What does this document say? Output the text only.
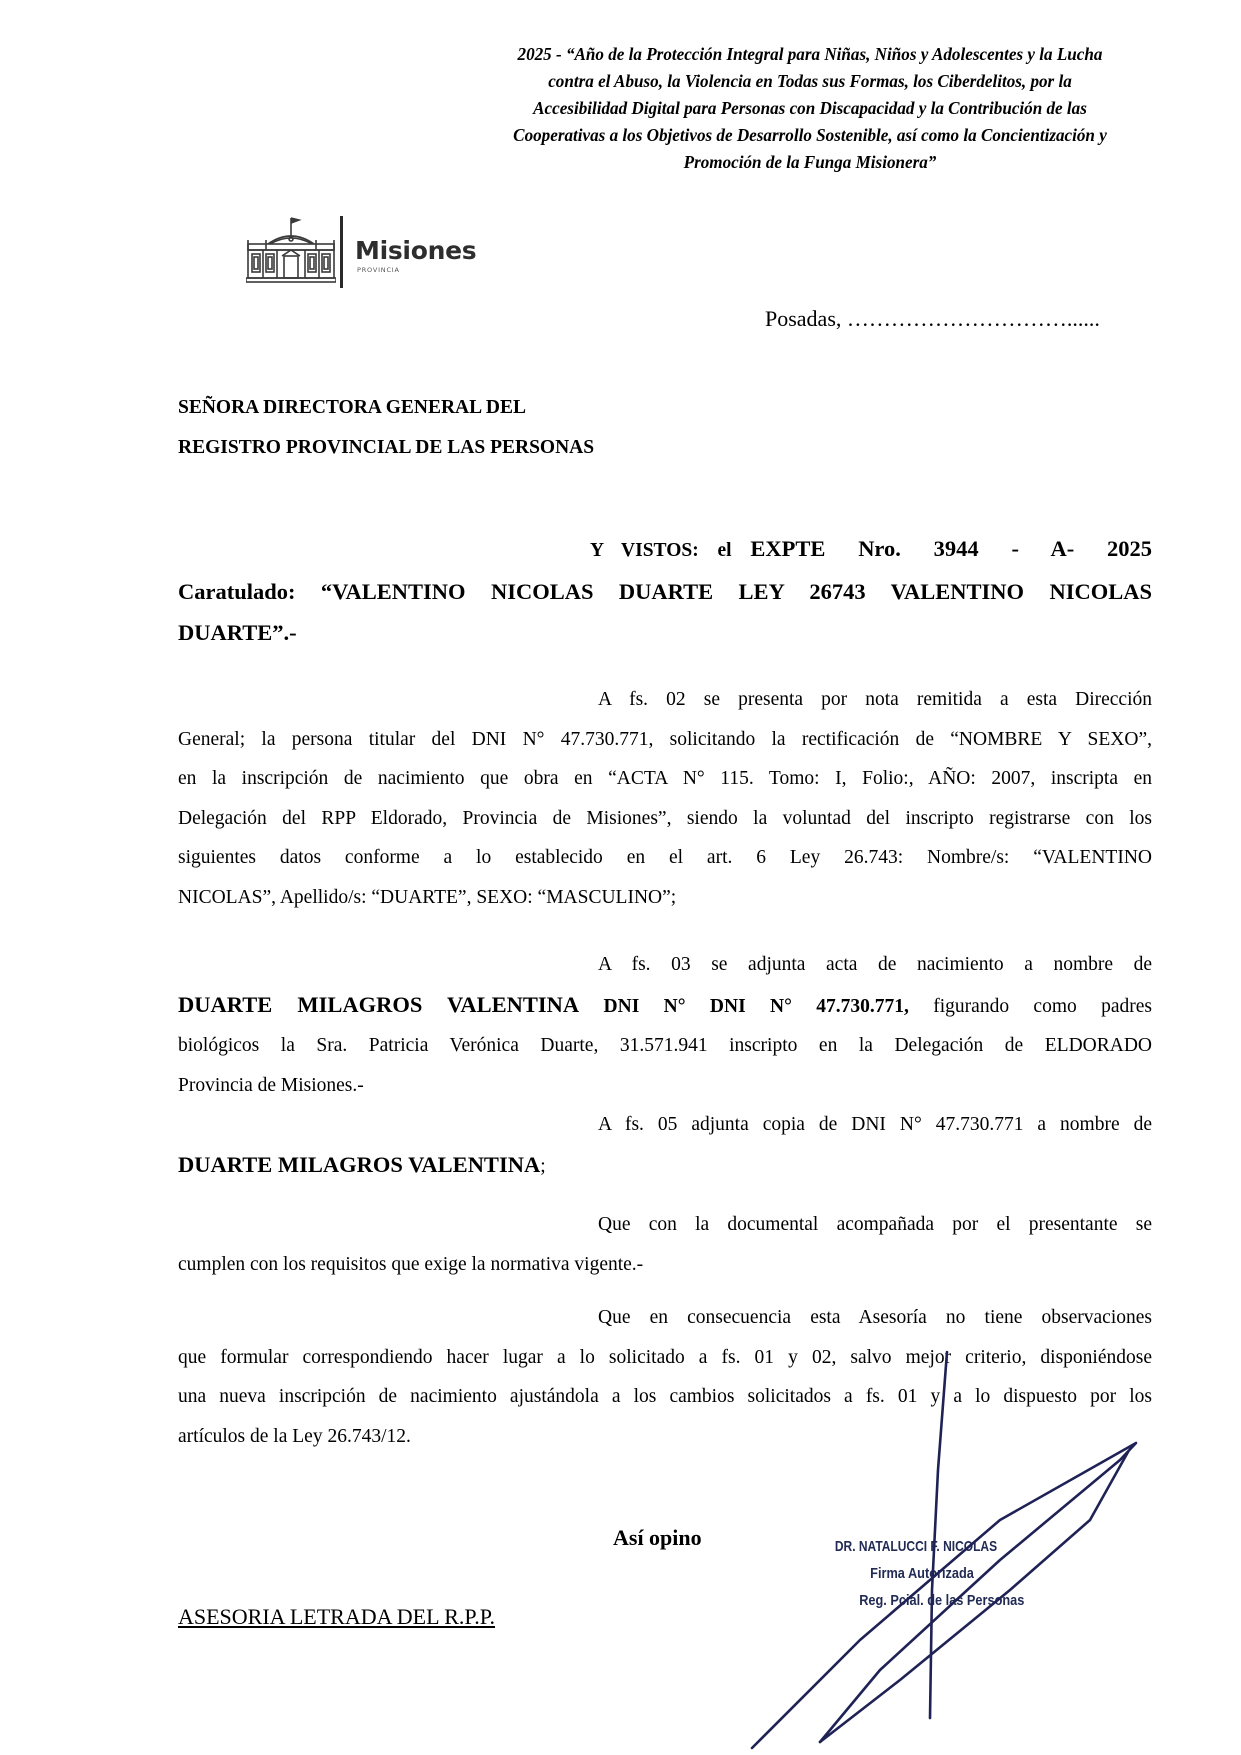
2025 - “Año de la Protección Integral para Niñas, Niños y Adolescentes y la Lucha
contra el Abuso, la Violencia en Todas sus Formas, los Ciberdelitos, por la
Accesibilidad Digital para Personas con Discapacidad y la Contribución de las
Cooperativas a los Objetivos de Desarrollo Sostenible, así como la Concientización y
Promoción de la Funga Misionera”
Misiones
PROVINCIA
Posadas, …………………………......
SEÑORA DIRECTORA GENERAL DEL
REGISTRO PROVINCIAL DE LAS PERSONAS
Y VISTOS: el EXPTE Nro. 3944 - A- 2025
Caratulado: “VALENTINO NICOLAS DUARTE LEY 26743 VALENTINO NICOLAS
DUARTE”.-
A fs. 02 se presenta por nota remitida a esta Dirección
General; la persona titular del DNI N° 47.730.771, solicitando la rectificación de “NOMBRE Y SEXO”,
en la inscripción de nacimiento que obra en “ACTA N° 115. Tomo: I, Folio:, AÑO: 2007, inscripta en
Delegación del RPP Eldorado, Provincia de Misiones”, siendo la voluntad del inscripto registrarse con los
siguientes datos conforme a lo establecido en el art. 6 Ley 26.743: Nombre/s: “VALENTINO
NICOLAS”, Apellido/s: “DUARTE”, SEXO: “MASCULINO”;
A fs. 03 se adjunta acta de nacimiento a nombre de
DUARTE MILAGROS VALENTINA DNI N° DNI N° 47.730.771, figurando como padres
biológicos la Sra. Patricia Verónica Duarte, 31.571.941 inscripto en la Delegación de ELDORADO
Provincia de Misiones.-
A fs. 05 adjunta copia de DNI N° 47.730.771 a nombre de
DUARTE MILAGROS VALENTINA;
Que con la documental acompañada por el presentante se
cumplen con los requisitos que exige la normativa vigente.-
Que en consecuencia esta Asesoría no tiene observaciones
que formular correspondiendo hacer lugar a lo solicitado a fs. 01 y 02, salvo mejor criterio, disponiéndose
una nueva inscripción de nacimiento ajustándola a los cambios solicitados a fs. 01 y a lo dispuesto por los
artículos de la Ley 26.743/12.
Así opino
ASESORIA LETRADA DEL R.P.P.
DR. NATALUCCI F. NICOLAS
Firma Autorizada
Reg. Pcial. de las Personas
